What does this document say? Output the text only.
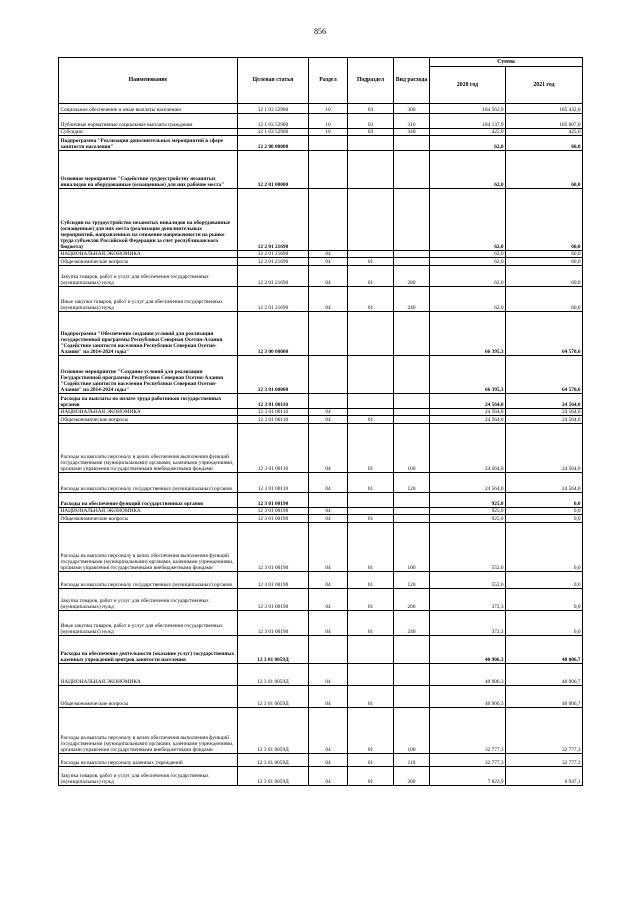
856
Наименование	Целевая статья	Раздел	Подраздел	Вид расхода	Сумма	
					2020 год	2021 год
Социальное обеспечение и иные выплаты населению	12 1 03 52900	10	03	300	184 562,9	185 432,0
Публичные нормативные социальные выплаты гражданам	12 1 03 52900	10	03	310	184 137,9	185 007,0
Субсидии	12 1 03 52900	10	03	340	425,0	425,0
Подпрограмма "Реализация дополнительных мероприятий в сфере занятости населения"	12 2 00 00000				62,0	60,0
Основное мероприятие "Содействие трудоустройству незанятых инвалидов на оборудованные (оснащенные) для них рабочие места"	12 2 01 00000				62,0	60,0
Субсидии на трудоустройство незанятых инвалидов на оборудованные (оснащенные) для них места (реализация дополнительных мероприятий, направленных на снижение напряженности на рынке труда субъектов Российской Федерации за счет республиканского бюджета)	12 2 01 21690				62,0	60,0
НАЦИОНАЛЬНАЯ ЭКОНОМИКА	12 2 01 21690	04			62,0	60,0
Общеэкономические вопросы	12 2 01 21690	04	01		62,0	60,0
Закупка товаров, работ и услуг для обеспечения государственных (муниципальных) нужд	12 2 01 21690	04	01	200	62,0	60,0
Иные закупки товаров, работ и услуг для обеспечения государственных (муниципальных) нужд	12 2 01 21690	04	01	240	62,0	60,0
Подпрограмма "Обеспечение создания условий для реализации государственной программы Республики Северная Осетия-Алания "Содействие занятости населения Республики Северная Осетия-Алания" на 2014-2024 годы"	12 3 00 00000				66 395,3	64 570,6
Основное мероприятие "Создание условий для реализации Государственной программы Республики Северная Осетия-Алания "Содействие занятости населения Республики Северная Осетия-Алания" на 2014-2024 годы"	12 3 01 00000				66 395,3	64 570,6
Расходы на выплаты по оплате труда работников государственных органов	12 3 01 00110				24 564,0	24 564,0
НАЦИОНАЛЬНАЯ ЭКОНОМИКА	12 3 01 00110	04			24 564,0	24 564,0
Общеэкономические вопросы	12 3 01 00110	04	01		24 564,0	24 564,0
Расходы на выплаты персоналу в целях обеспечения выполнения функций государственными (муниципальными) органами, казенными учреждениями, органами управления государственными внебюджетными фондами	12 3 01 00110	04	01	100	24 564,0	24 564,0
Расходы на выплаты персоналу государственных (муниципальных) органов	12 3 01 00110	04	01	120	24 564,0	24 564,0
Расходы на обеспечение функций государственных органов	12 3 01 00190				925,0	0,0
НАЦИОНАЛЬНАЯ ЭКОНОМИКА	12 3 01 00190	04			925,0	0,0
Общеэкономические вопросы	12 3 01 00190	04	01		925,0	0,0
Расходы на выплаты персоналу в целях обеспечения выполнения функций государственными (муниципальными) органами, казенными учреждениями, органами управления государственными внебюджетными фондами	12 3 01 00190	04	01	100	552,6	0,0
Расходы на выплаты персоналу государственных (муниципальных) органов	12 3 01 00190	04	01	120	552,6	0,0
Закупка товаров, работ и услуг для обеспечения государственных (муниципальных) нужд	12 3 01 00190	04	01	200	372,3	0,0
Иные закупки товаров, работ и услуг для обеспечения государственных (муниципальных) нужд	12 3 01 00190	04	01	240	372,3	0,0
Расходы на обеспечение деятельности (оказание услуг) государственных казенных учреждений центров занятости населения	12 3 01 0059Д				40 906,3	40 006,7
НАЦИОНАЛЬНАЯ ЭКОНОМИКА	12 3 01 0059Д	04			40 906,3	40 006,7
Общеэкономические вопросы	12 3 01 0059Д	04	01		40 906,3	40 006,7
Расходы на выплаты персоналу в целях обеспечения выполнения функций государственными (муниципальными) органами, казенными учреждениями, органами управления государственными внебюджетными фондами	12 3 01 0059Д	04	01	100	32 777,3	32 777,3
Расходы на выплаты персоналу казенных учреждений	12 3 01 0059Д	04	01	110	32 777,3	32 777,3
Закупка товаров, работ и услуг для обеспечения государственных (муниципальных) нужд	12 3 01 0059Д	04	01	200	7 823,9	6 947,1
